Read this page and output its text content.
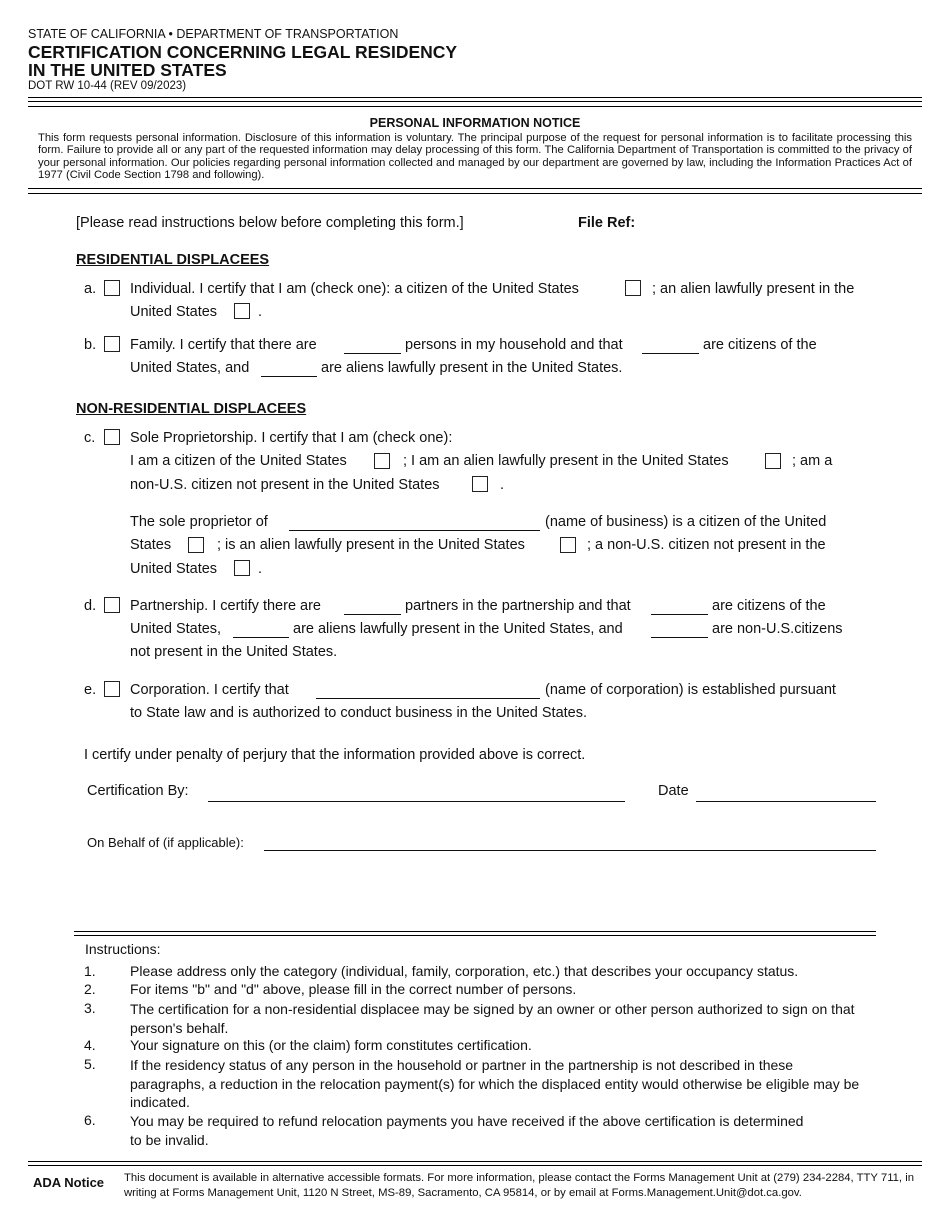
STATE OF CALIFORNIA • DEPARTMENT OF TRANSPORTATION
CERTIFICATION CONCERNING LEGAL RESIDENCY
IN THE UNITED STATES
DOT RW 10-44 (REV 09/2023)
PERSONAL INFORMATION NOTICE
This form requests personal information. Disclosure of this information is voluntary. The principal purpose of the request for personal information is to facilitate processing this form. Failure to provide all or any part of the requested information may delay processing of this form. The California Department of Transportation is committed to the privacy of your personal information. Our policies regarding personal information collected and managed by our department are governed by law, including the Information Practices Act of 1977 (Civil Code Section 1798 and following).
[Please read instructions below before completing this form.]	File Ref:
RESIDENTIAL DISPLACEES
a. Individual. I certify that I am (check one): a citizen of the United States	; an alien lawfully present in the
United States	.
b. Family. I certify that there are	persons in my household and that	are citizens of the
United States, and	are aliens lawfully present in the United States.
NON-RESIDENTIAL DISPLACEES
c. Sole Proprietorship. I certify that I am (check one):
I am a citizen of the United States	; I am an alien lawfully present in the United States	; am a
non-U.S. citizen not present in the United States	.
The sole proprietor of	(name of business) is a citizen of the United
States	; is an alien lawfully present in the United States	; a non-U.S. citizen not present in the
United States	.
d. Partnership. I certify there are	partners in the partnership and that	are citizens of the
United States,	are aliens lawfully present in the United States, and	are non-U.S.citizens
not present in the United States.
e. Corporation. I certify that	(name of corporation) is established pursuant
to State law and is authorized to conduct business in the United States.
I certify under penalty of perjury that the information provided above is correct.
Certification By:	Date
On Behalf of (if applicable):
Instructions:
1. Please address only the category (individual, family, corporation, etc.) that describes your occupancy status.
2. For items "b" and "d" above, please fill in the correct number of persons.
3. The certification for a non-residential displacee may be signed by an owner or other person authorized to sign on that person's behalf.
4. Your signature on this (or the claim) form constitutes certification.
5. If the residency status of any person in the household or partner in the partnership is not described in these paragraphs, a reduction in the relocation payment(s) for which the displaced entity would otherwise be eligible may be indicated.
6. You may be required to refund relocation payments you have received if the above certification is determined to be invalid.
ADA Notice This document is available in alternative accessible formats. For more information, please contact the Forms Management Unit at (279) 234-2284, TTY 711, in writing at Forms Management Unit, 1120 N Street, MS-89, Sacramento, CA 95814, or by email at Forms.Management.Unit@dot.ca.gov.
